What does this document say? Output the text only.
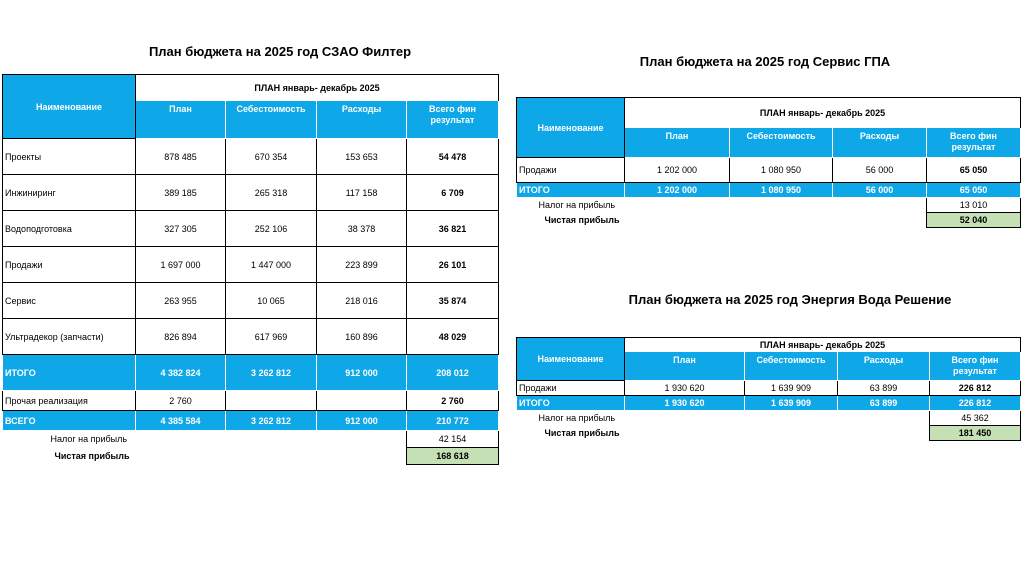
План бюджета на 2025 год СЗАО Филтер
Наименование	ПЛАН январь- декабрь 2025			
	План	Себестоимость	Расходы	Всего фин результат
Проекты	878 485	670 354	153 653	54 478
Инжиниринг	389 185	265 318	117 158	6 709
Водоподготовка	327 305	252 106	38 378	36 821
Продажи	1 697 000	1 447 000	223 899	26 101
Сервис	263 955	10 065	218 016	35 874
Ультрадекор (запчасти)	826 894	617 969	160 896	48 029
ИТОГО	4 382 824	3 262 812	912 000	208 012
Прочая реализация	2 760			2 760
ВСЕГО	4 385 584	3 262 812	912 000	210 772
Налог на прибыль				42 154
Чистая прибыль				168 618
План бюджета на 2025 год Сервис ГПА
Наименование	ПЛАН январь- декабрь 2025			
	План	Себестоимость	Расходы	Всего фин результат
Продажи	1 202 000	1 080 950	56 000	65 050
ИТОГО	1 202 000	1 080 950	56 000	65 050
Налог на прибыль				13 010
Чистая прибыль				52 040
План бюджета на 2025 год Энергия Вода Решение
Наименование	ПЛАН январь- декабрь 2025			
	План	Себестоимость	Расходы	Всего фин результат
Продажи	1 930 620	1 639 909	63 899	226 812
ИТОГО	1 930 620	1 639 909	63 899	226 812
Налог на прибыль				45 362
Чистая прибыль				181 450
